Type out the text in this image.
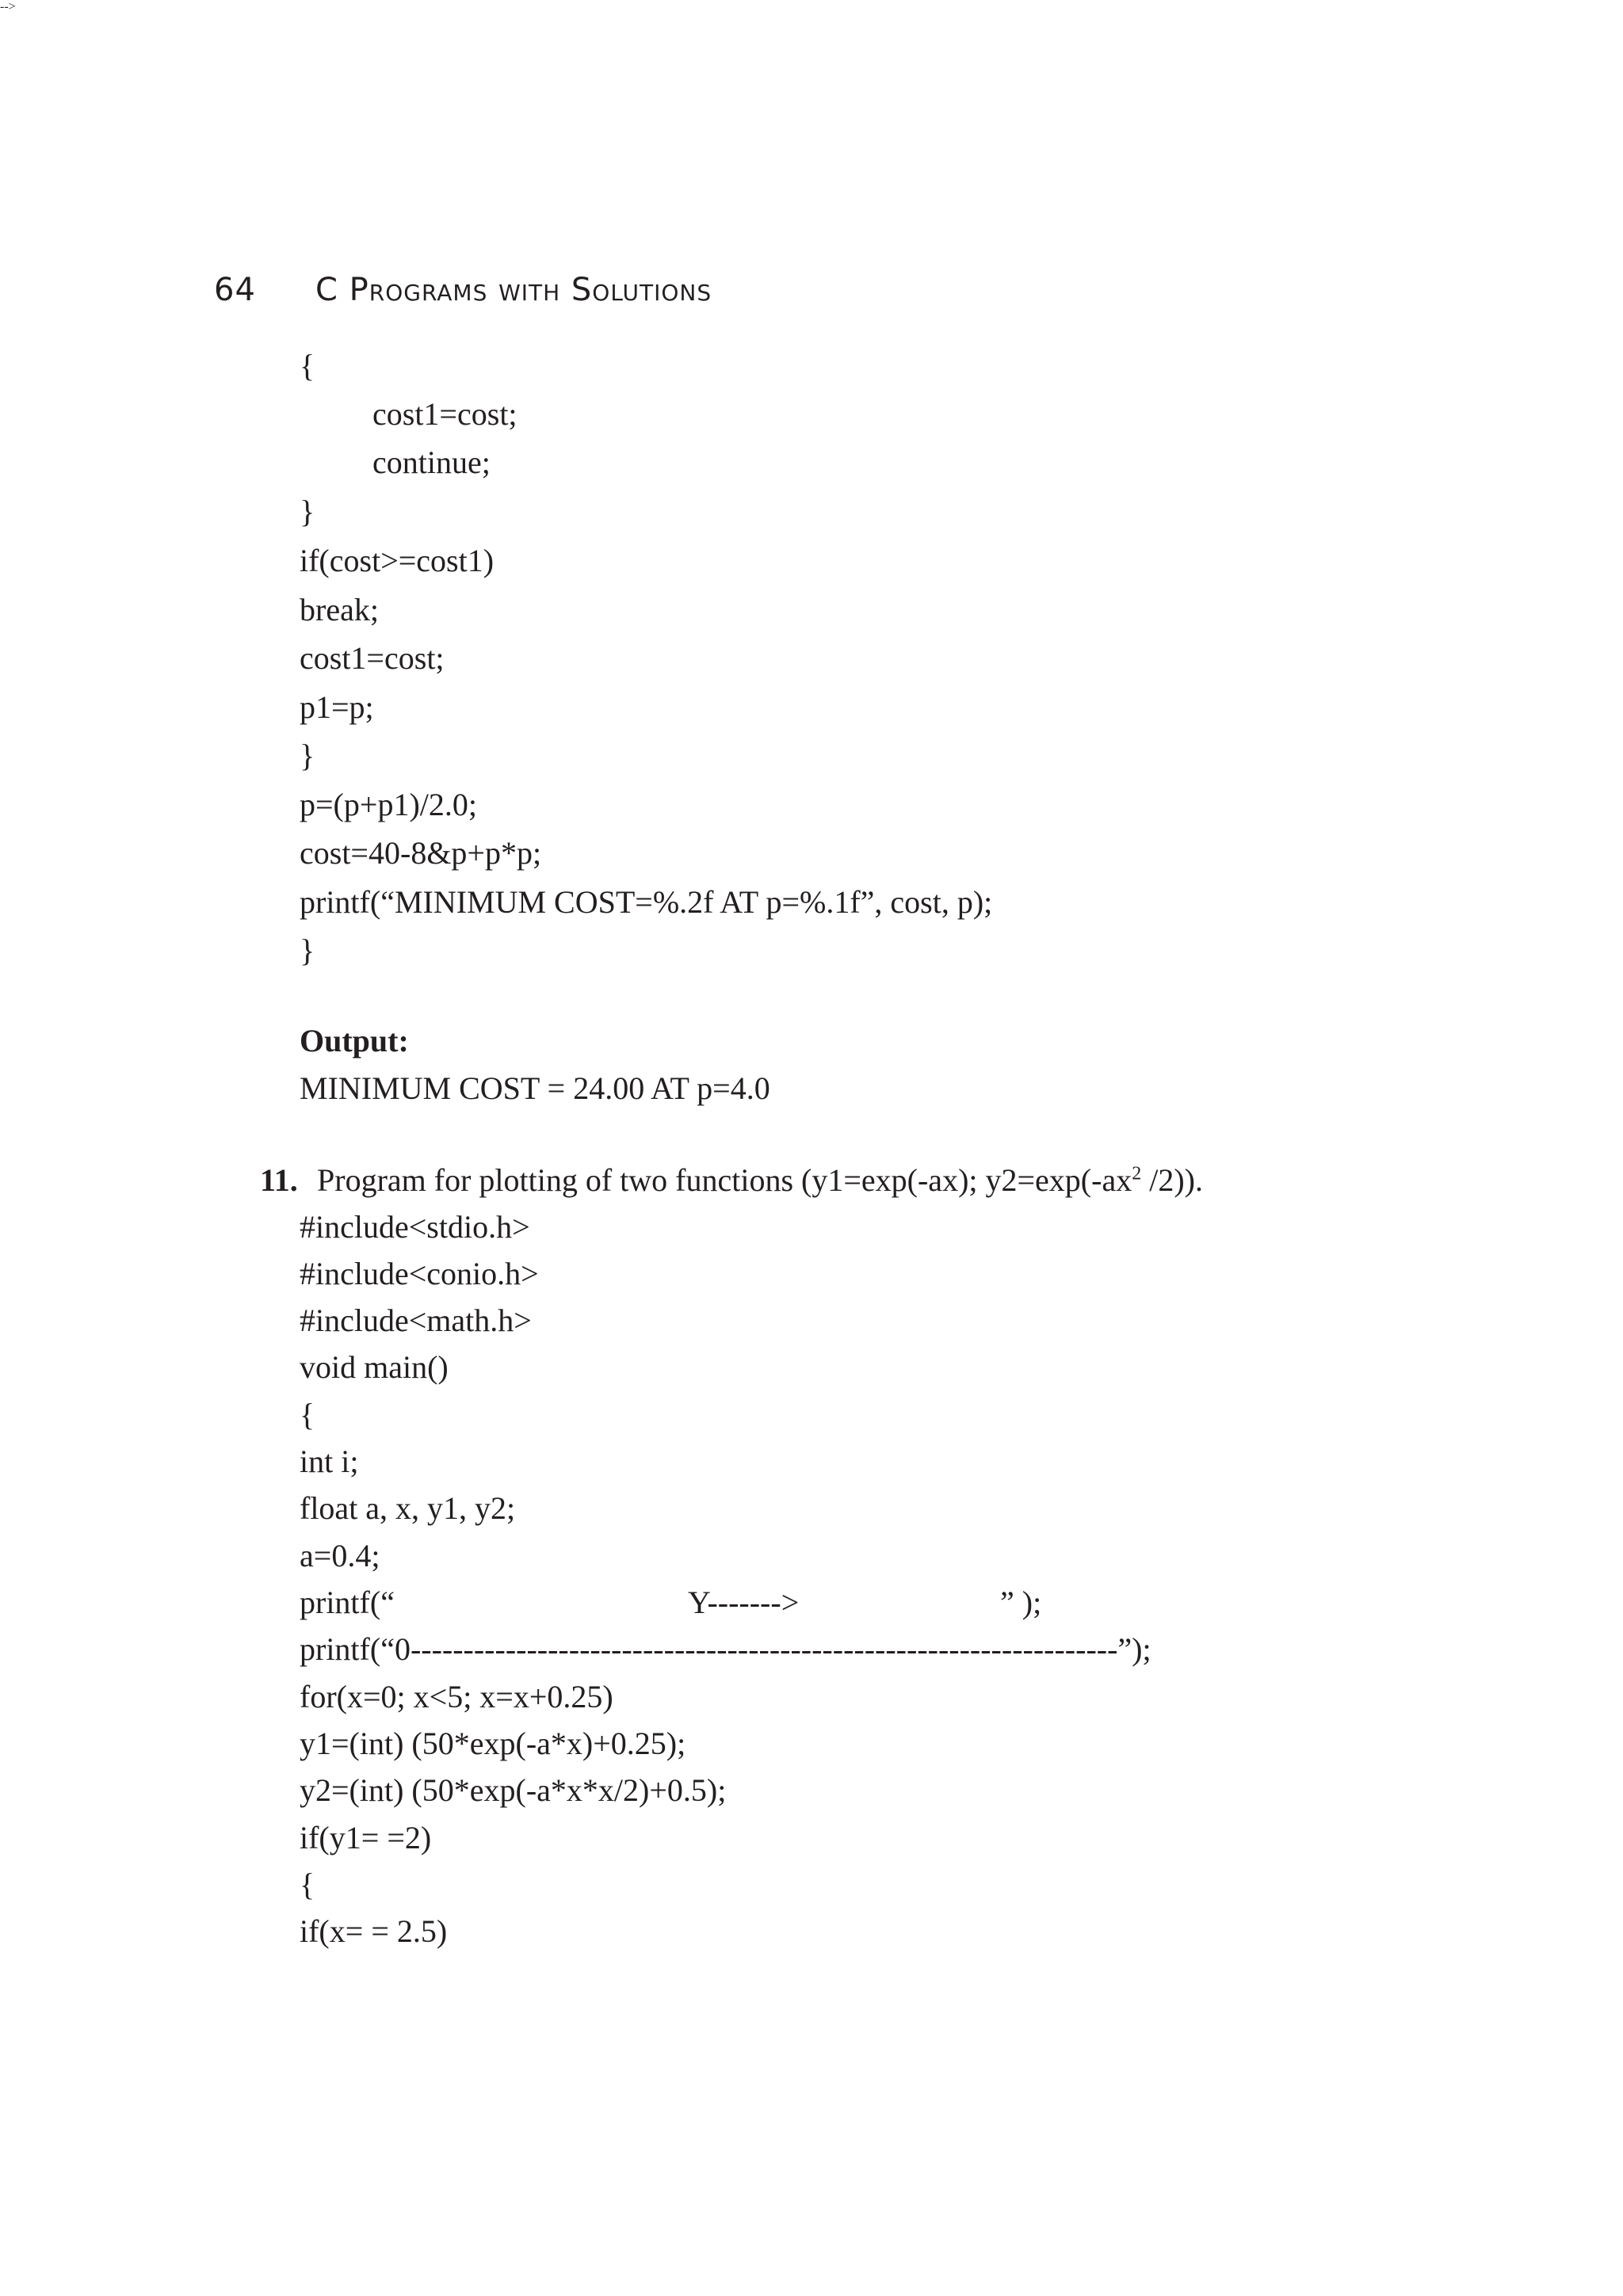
64 C Programs with Solutions
{
cost1=cost;
continue;
}
if(cost>=cost1)
break;
cost1=cost;
p1=p;
}
p=(p+p1)/2.0;
cost=40-8&p+p*p;
printf(“MINIMUM COST=%.2f AT p=%.1f”, cost, p);
}
Output:
MINIMUM COST = 24.00 AT p=4.0
11. Program for plotting of two functions (y1=exp(-ax); $y2=\exp(-ax^2$ /2)).
#include<stdio.h>
#include<conio.h>
#include<math.h>
void main()
{
int i;
float a, x, y1, y2;
a=0.4;
-->
printf(“	Y------->	” );
printf(“0-------------------------------------------------------------------”);
for(x=0; x<5; x=x+0.25)
y1=(int) (50*exp(-a*x)+0.25);
y2=(int) (50*exp(-a*x*x/2)+0.5);
if(y1= =2)
{
if(x= = 2.5)
